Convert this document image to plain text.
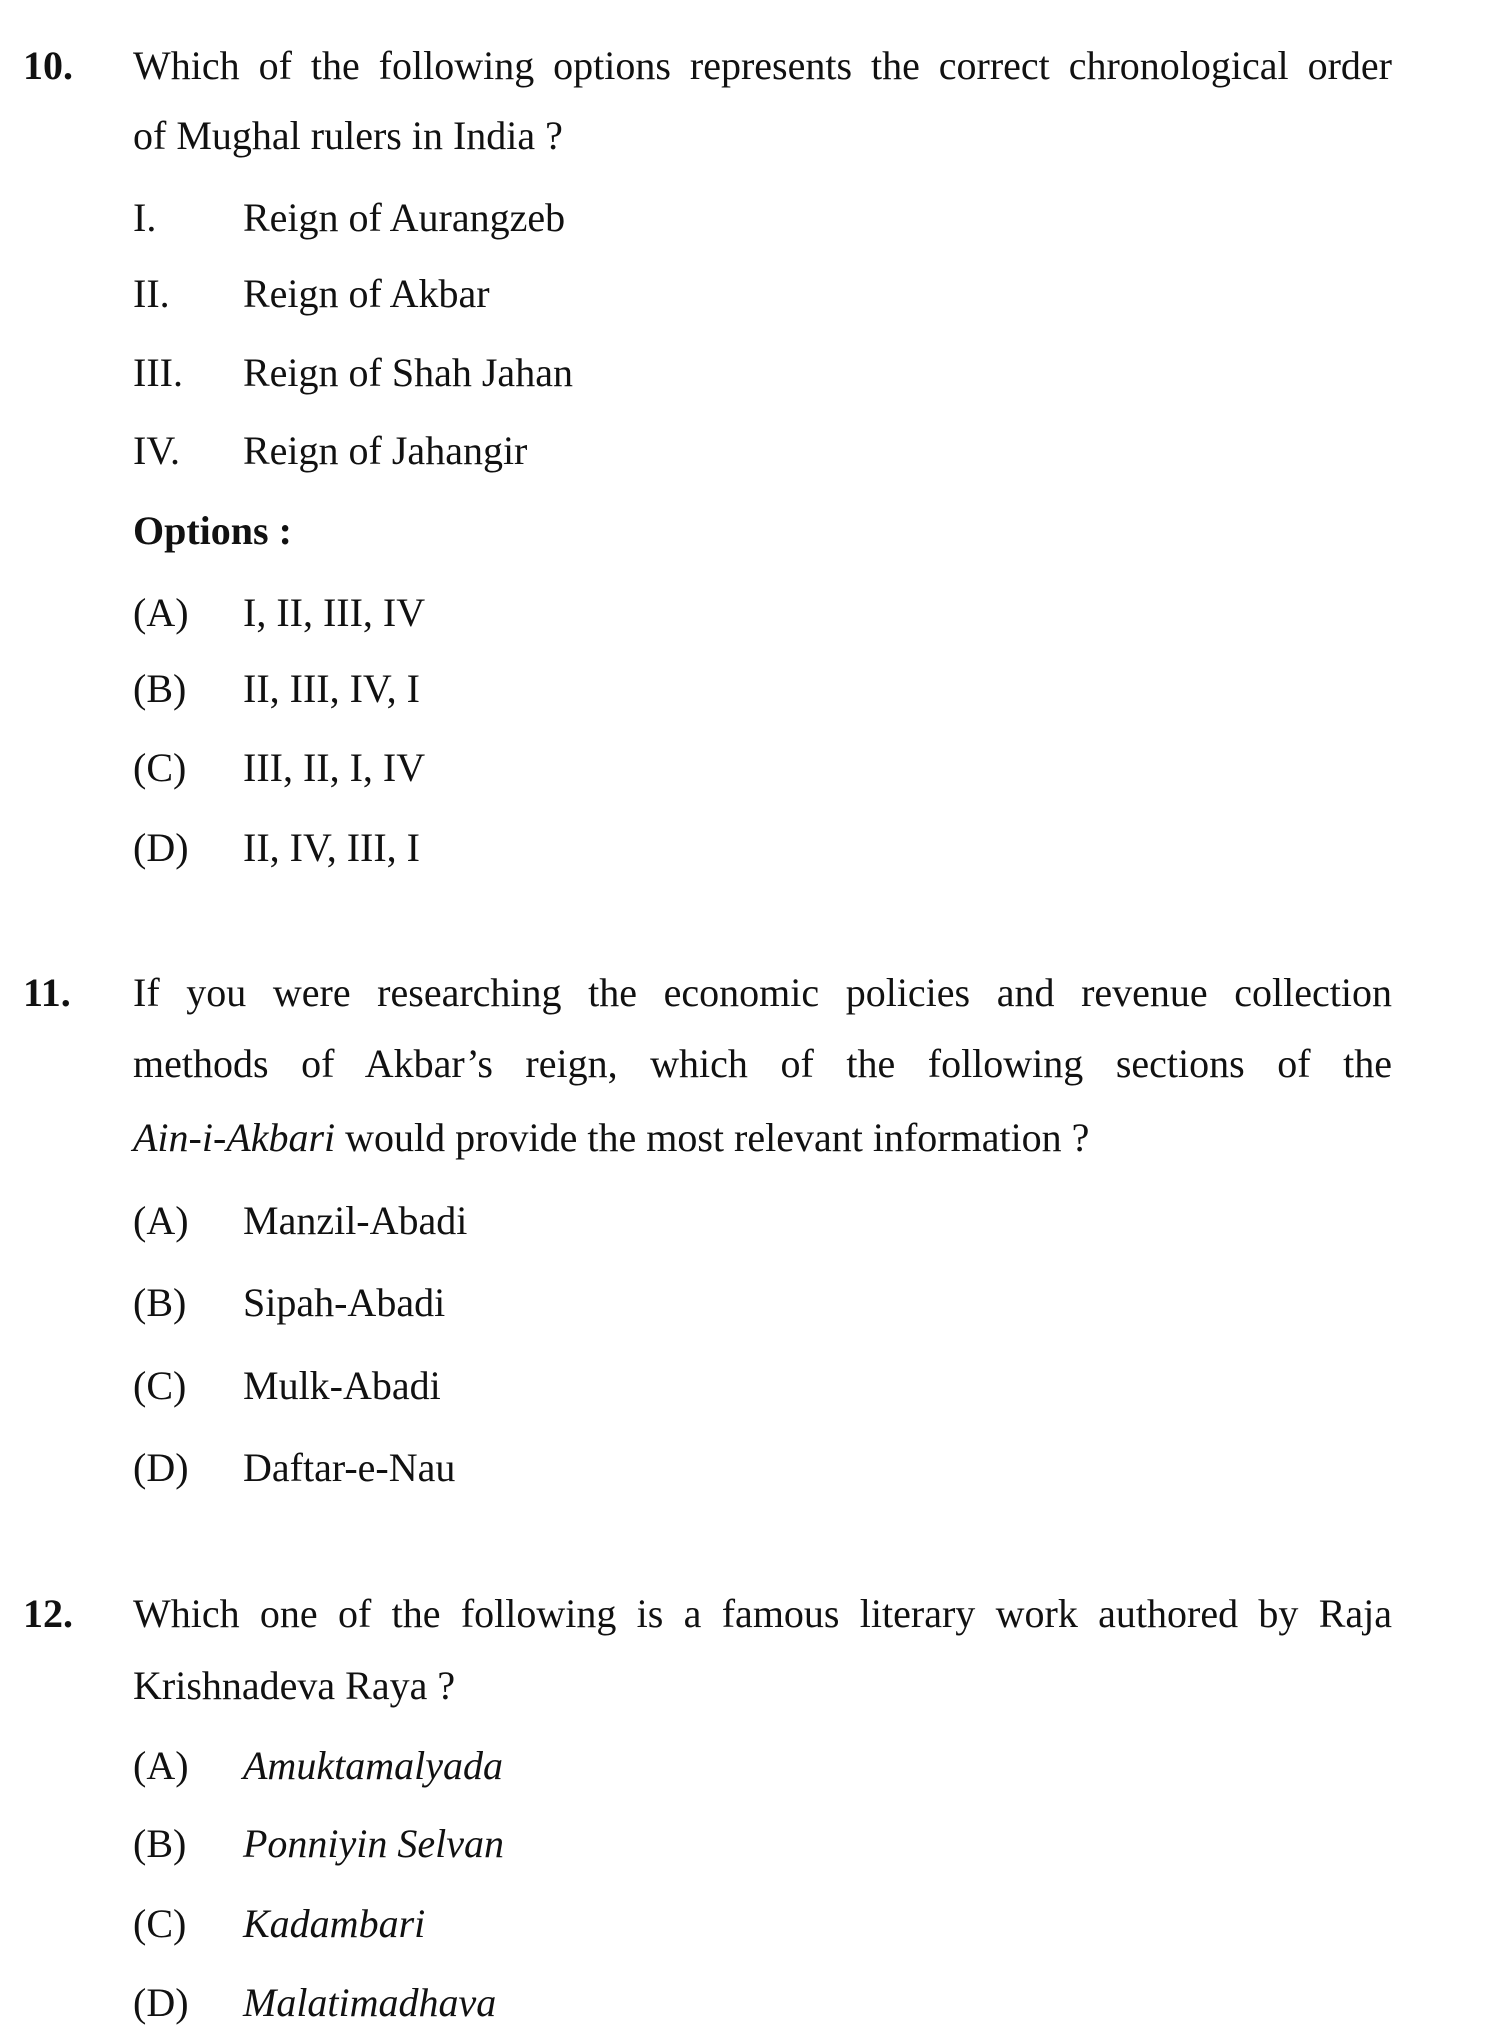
10. Which of the following options represents the correct chronological order
of Mughal rulers in India ?
I. Reign of Aurangzeb
II. Reign of Akbar
III. Reign of Shah Jahan
IV. Reign of Jahangir
Options :
(A) I, II, III, IV
(B) II, III, IV, I
(C) III, II, I, IV
(D) II, IV, III, I
11. If you were researching the economic policies and revenue collection
methods of Akbar’s reign, which of the following sections of the
Ain-i-Akbari would provide the most relevant information ?
(A) Manzil-Abadi
(B) Sipah-Abadi
(C) Mulk-Abadi
(D) Daftar-e-Nau
12. Which one of the following is a famous literary work authored by Raja
Krishnadeva Raya ?
(A) Amuktamalyada
(B) Ponniyin Selvan
(C) Kadambari
(D) Malatimadhava
